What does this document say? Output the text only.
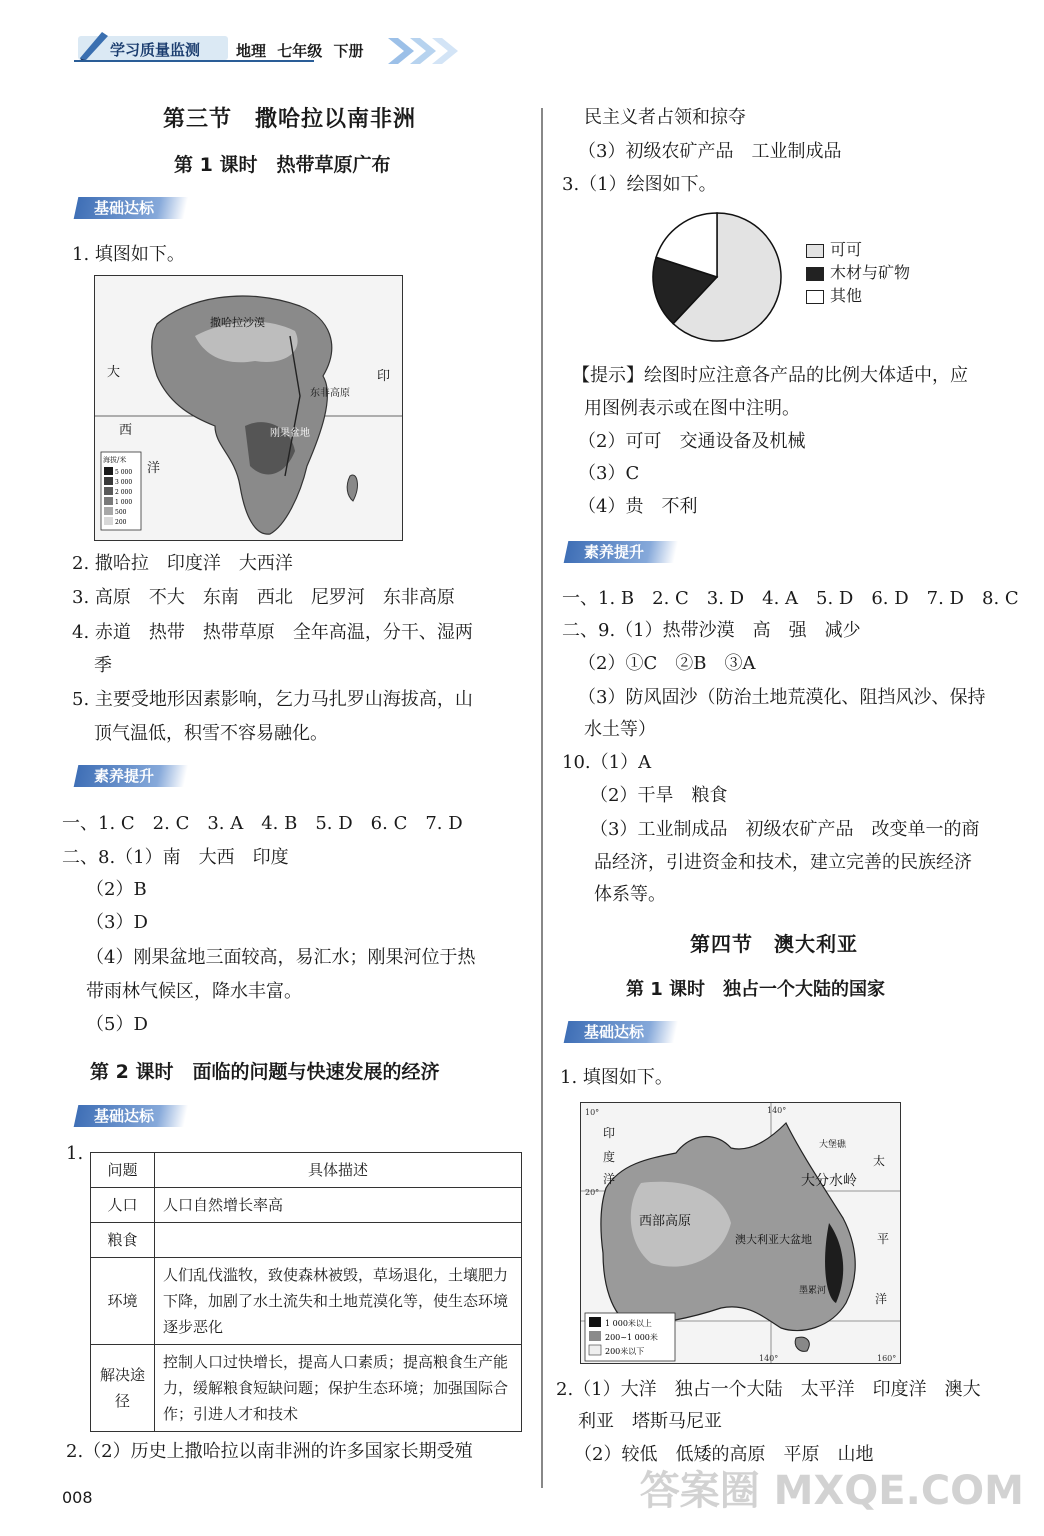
学习质量监测 地理 七年级 下册
第三节　撒哈拉以南非洲
第 1 课时　热带草原广布
基础达标
1. 填图如下。
撒哈拉沙漠
大
西
洋
印
刚果盆地
东非高原
海拔/米
5 000
3 000
2 000
1 000
500
200
2. 撒哈拉　印度洋　大西洋
3. 高原　不大　东南　西北　尼罗河　东非高原
4. 赤道　热带　热带草原　全年高温，分干、湿两
季
5. 主要受地形因素影响，乞力马扎罗山海拔高，山
顶气温低，积雪不容易融化。
素养提升
一、1. C　2. C　3. A　4. B　5. D　6. C　7. D
二、8.（1）南　大西　印度
（2）B
（3）D
（4）刚果盆地三面较高，易汇水；刚果河位于热
带雨林气候区，降水丰富。
（5）D
第 2 课时　面临的问题与快速发展的经济
基础达标
1.
问题	具体描述
人口	人口自然增长率高
粮食	
环境	人们乱伐滥牧，致使森林被毁，草场退化，土壤肥力下降，加剧了水土流失和土地荒漠化等，使生态环境逐步恶化
解决途径	控制人口过快增长，提高人口素质；提高粮食生产能力，缓解粮食短缺问题；保护生态环境；加强国际合作；引进人才和技术
2.（2）历史上撒哈拉以南非洲的许多国家长期受殖
民主义者占领和掠夺
（3）初级农矿产品　工业制成品
3.（1）绘图如下。
可可
木材与矿物
其他
【提示】绘图时应注意各产品的比例大体适中，应
用图例表示或在图中注明。
（2）可可　交通设备及机械
（3）C
（4）贵　不利
素养提升
一、1. B　2. C　3. D　4. A　5. D　6. D　7. D　8. C
二、9.（1）热带沙漠　高　强　减少
（2）①C　②B　③A
（3）防风固沙（防治土地荒漠化、阻挡风沙、保持
水土等）
10.（1）A
（2）干旱　粮食
（3）工业制成品　初级农矿产品　改变单一的商
品经济，引进资金和技术，建立完善的民族经济
体系等。
第四节　澳大利亚
第 1 课时　独占一个大陆的国家
基础达标
1. 填图如下。
西部高原
澳大利亚大盆地
大分水岭
太
平
洋
印
度
洋
大堡礁
墨累河
140°
160°
20°
10°
140°
1 000米以上
200~1 000米
200米以下
2.（1）大洋　独占一个大陆　太平洋　印度洋　澳大
利亚　塔斯马尼亚
（2）较低　低矮的高原　平原　山地
008	答案圈 MXQE.COM
